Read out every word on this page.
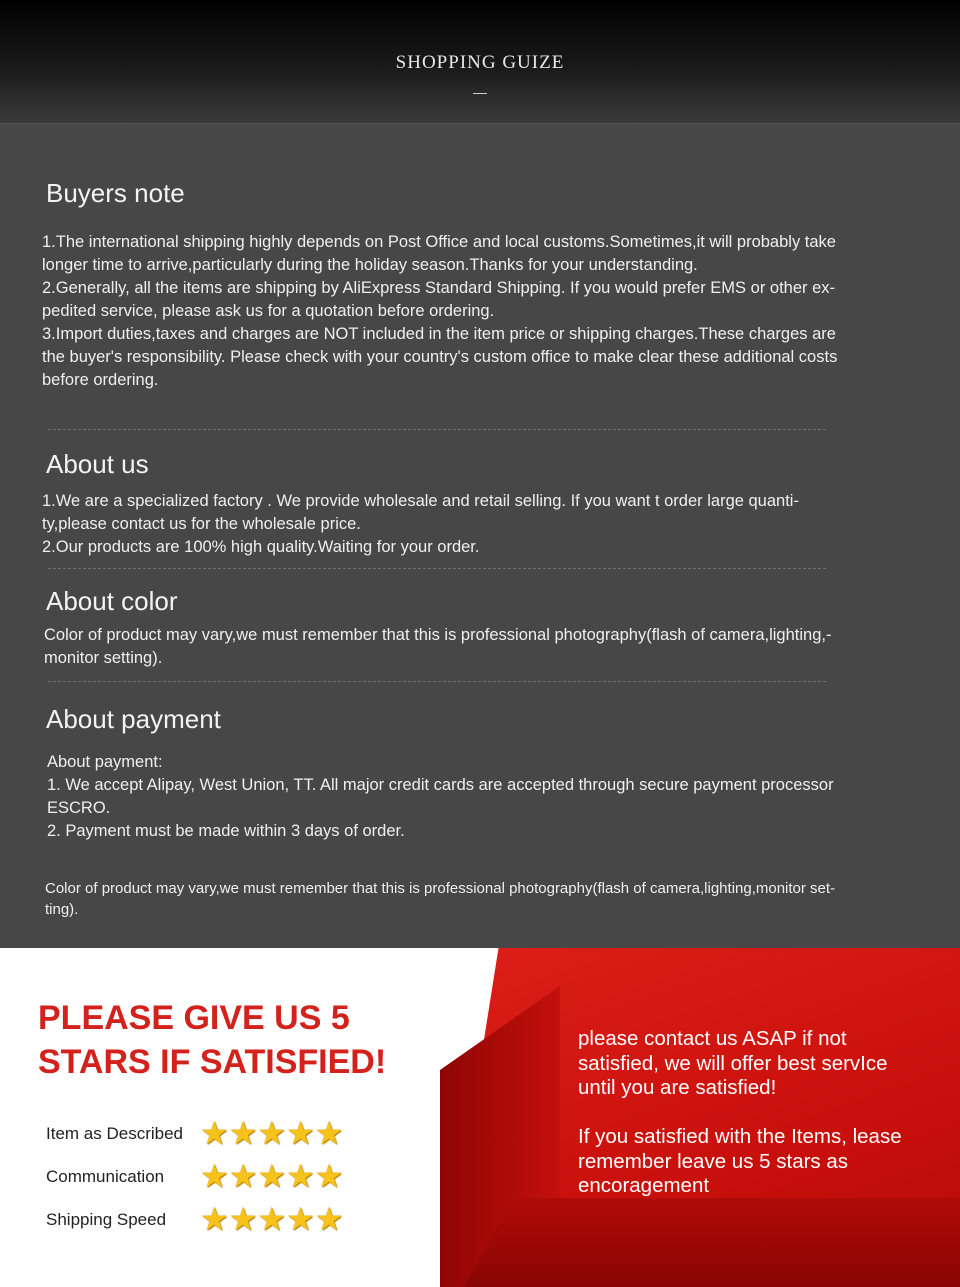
SHOPPING GUIZE
Buyers note
1.The international shipping highly depends on Post Office and local customs.Sometimes,it will probably take
longer time to arrive,particularly during the holiday season.Thanks for your understanding.
2.Generally, all the items are shipping by AliExpress Standard Shipping. If you would prefer EMS or other ex-
pedited service, please ask us for a quotation before ordering.
3.Import duties,taxes and charges are NOT included in the item price or shipping charges.These charges are
the buyer's responsibility. Please check with your country's custom office to make clear these additional costs
before ordering.
About us
1.We are a specialized factory . We provide wholesale and retail selling. If you want t order large quanti-
ty,please contact us for the wholesale price.
2.Our products are 100% high quality.Waiting for your order.
About color
Color of product may vary,we must remember that this is professional photography(flash of camera,lighting,-
monitor setting).
About payment
About payment:
1. We accept Alipay, West Union, TT. All major credit cards are accepted through secure payment processor
ESCRO.
2. Payment must be made within 3 days of order.
Color of product may vary,we must remember that this is professional photography(flash of camera,lighting,monitor set-
ting).
PLEASE GIVE US 5
STARS IF SATISFIED!
Item as Described ★★★★★
Communication ★★★★★
Shipping Speed ★★★★★
please contact us ASAP if not
satisfied, we will offer best servIce
until you are satisfied!
If you satisfied with the Items, lease
remember leave us 5 stars as
encoragement
